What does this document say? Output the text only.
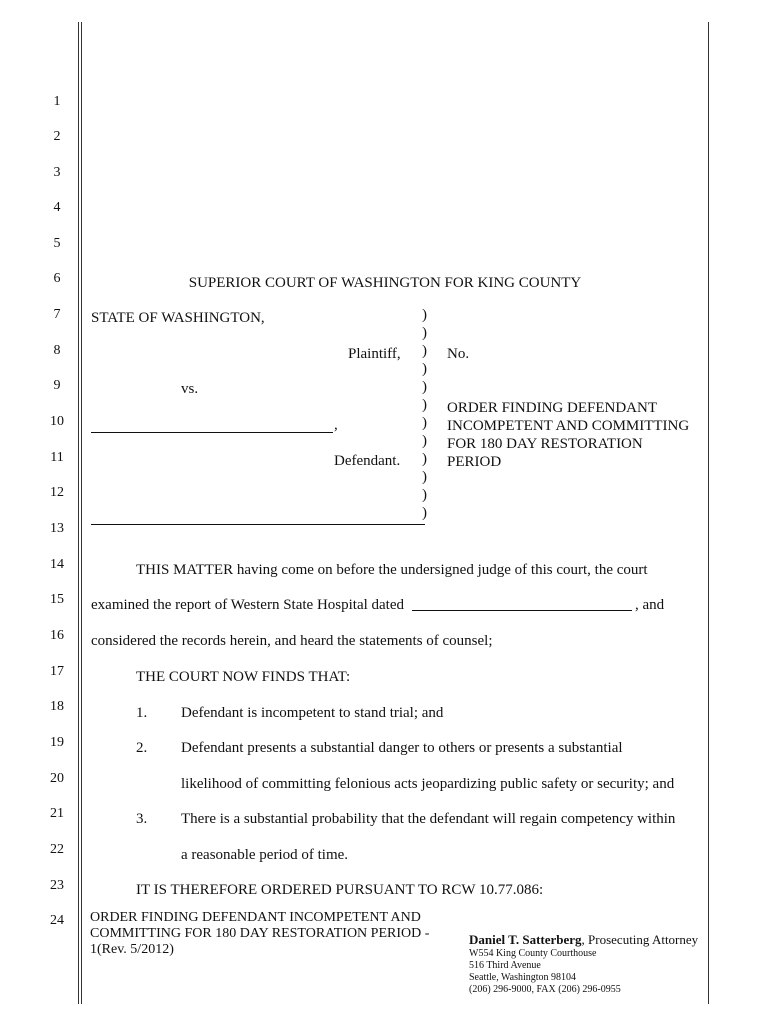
1
2
3
4
5
6
7
8
9
10
11
12
13
14
15
16
17
18
19
20
21
22
23
24
SUPERIOR COURT OF WASHINGTON FOR KING COUNTY
STATE OF WASHINGTON,
Plaintiff,
vs.
,
Defendant.
)
)
)
)
)
)
)
)
)
)
)
)
No.
ORDER FINDING DEFENDANT
INCOMPETENT AND COMMITTING
FOR 180 DAY RESTORATION
PERIOD
THIS MATTER having come on before the undersigned judge of this court, the court
examined the report of Western State Hospital dated	, and
considered the records herein, and heard the statements of counsel;
THE COURT NOW FINDS THAT:
1. Defendant is incompetent to stand trial; and
2. Defendant presents a substantial danger to others or presents a substantial
likelihood of committing felonious acts jeopardizing public safety or security; and
3. There is a substantial probability that the defendant will regain competency within
a reasonable period of time.
IT IS THEREFORE ORDERED PURSUANT TO RCW 10.77.086:
ORDER FINDING DEFENDANT INCOMPETENT AND
COMMITTING FOR 180 DAY RESTORATION PERIOD -
1(Rev. 5/2012)
Daniel T. Satterberg, Prosecuting Attorney
W554 King County Courthouse
516 Third Avenue
Seattle, Washington 98104
(206) 296-9000, FAX (206) 296-0955
